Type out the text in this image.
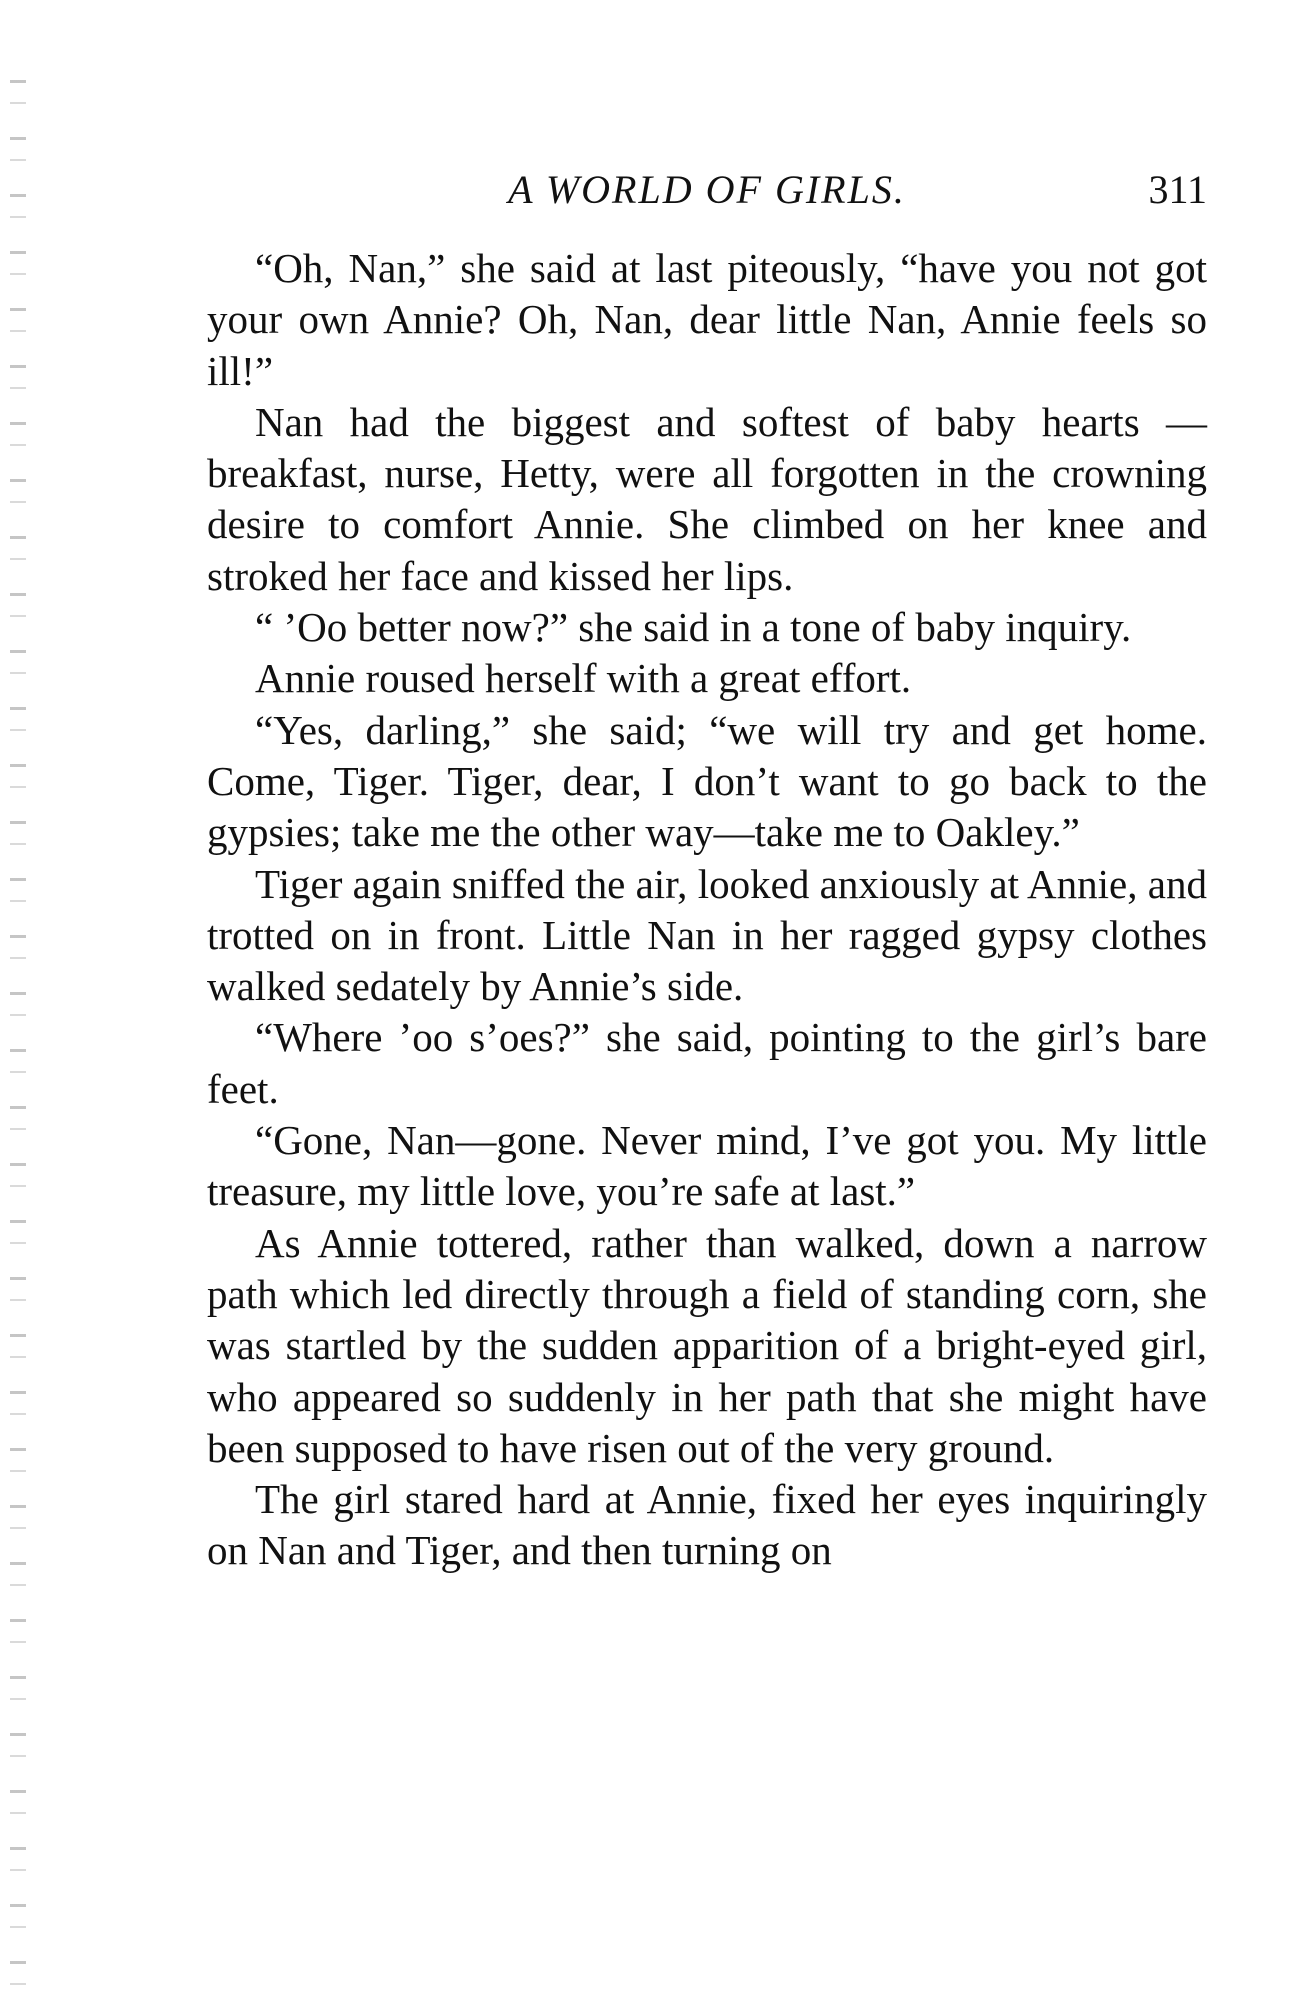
A WORLD OF GIRLS.	311

“Oh, Nan,” she said at last piteously, “have you not got your own Annie? Oh, Nan, dear little Nan, Annie feels so ill!”

Nan had the biggest and softest of baby hearts —breakfast, nurse, Hetty, were all forgotten in the crowning desire to comfort Annie. She climbed on her knee and stroked her face and kissed her lips.

“ ’Oo better now?” she said in a tone of baby inquiry.

Annie roused herself with a great effort.

“Yes, darling,” she said; “we will try and get home. Come, Tiger. Tiger, dear, I don’t want to go back to the gypsies; take me the other way—take me to Oakley.”

Tiger again sniffed the air, looked anxiously at Annie, and trotted on in front. Little Nan in her ragged gypsy clothes walked sedately by Annie’s side.

“Where ’oo s’oes?” she said, pointing to the girl’s bare feet.

“Gone, Nan—gone. Never mind, I’ve got you. My little treasure, my little love, you’re safe at last.”

As Annie tottered, rather than walked, down a narrow path which led directly through a field of standing corn, she was startled by the sudden apparition of a bright-eyed girl, who appeared so suddenly in her path that she might have been supposed to have risen out of the very ground.

The girl stared hard at Annie, fixed her eyes inquiringly on Nan and Tiger, and then turning on
